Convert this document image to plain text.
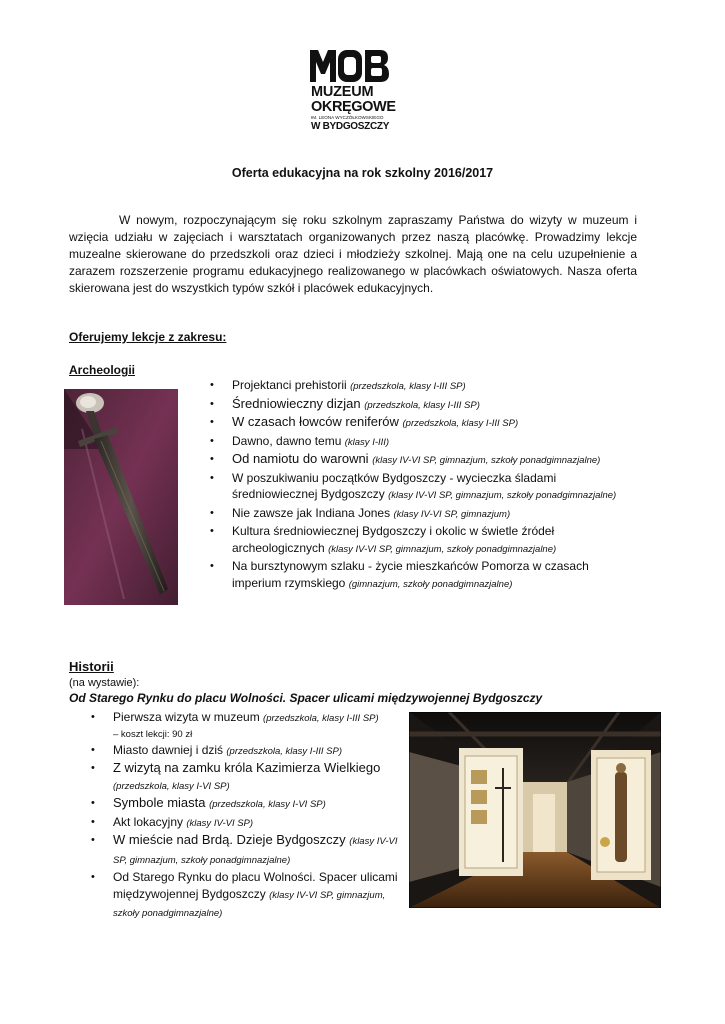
MUZEUM
OKRĘGOWE
IM. LEONA WYCZÓŁKOWSKIEGO
W BYDGOSZCZY
Oferta edukacyjna na rok szkolny 2016/2017

W nowym, rozpoczynającym się roku szkolnym zapraszamy Państwa do wizyty w muzeum i wzięcia udziału w zajęciach i warsztatach organizowanych przez naszą placówkę. Prowadzimy lekcje muzealne skierowane do przedszkoli oraz dzieci i młodzieży szkolnej. Mają one na celu uzupełnienie a zarazem rozszerzenie programu edukacyjnego realizowanego w placówkach oświatowych. Nasza oferta skierowana jest do wszystkich typów szkół i placówek edukacyjnych.

Oferujemy lekcje z zakresu:
Archeologii
• Projektanci prehistorii (przedszkola, klasy I-III SP)
• Średniowieczny dizjan (przedszkola, klasy I-III SP)
• W czasach łowców reniferów (przedszkola, klasy I-III SP)
• Dawno, dawno temu (klasy I-III)
• Od namiotu do warowni (klasy IV-VI SP, gimnazjum, szkoły ponadgimnazjalne)
• W poszukiwaniu początków Bydgoszczy - wycieczka śladami średniowiecznej Bydgoszczy (klasy IV-VI SP, gimnazjum, szkoły ponadgimnazjalne)
• Nie zawsze jak Indiana Jones (klasy IV-VI SP, gimnazjum)
• Kultura średniowiecznej Bydgoszczy i okolic w świetle źródeł archeologicznych (klasy IV-VI SP, gimnazjum, szkoły ponadgimnazjalne)
• Na bursztynowym szlaku - życie mieszkańców Pomorza w czasach imperium rzymskiego (gimnazjum, szkoły ponadgimnazjalne)
Historii
(na wystawie):
Od Starego Rynku do placu Wolności. Spacer ulicami międzywojennej Bydgoszczy
• Pierwsza wizyta w muzeum (przedszkola, klasy I-III SP)
– koszt lekcji: 90 zł
• Miasto dawniej i dziś (przedszkola, klasy I-III SP)
• Z wizytą na zamku króla Kazimierza Wielkiego (przedszkola, klasy I-VI SP)
• Symbole miasta (przedszkola, klasy I-VI SP)
• Akt lokacyjny (klasy IV-VI SP)
• W mieście nad Brdą. Dzieje Bydgoszczy (klasy IV-VI SP, gimnazjum, szkoły ponadgimnazjalne)
• Od Starego Rynku do placu Wolności. Spacer ulicami międzywojennej Bydgoszczy (klasy IV-VI SP, gimnazjum, szkoły ponadgimnazjalne)
